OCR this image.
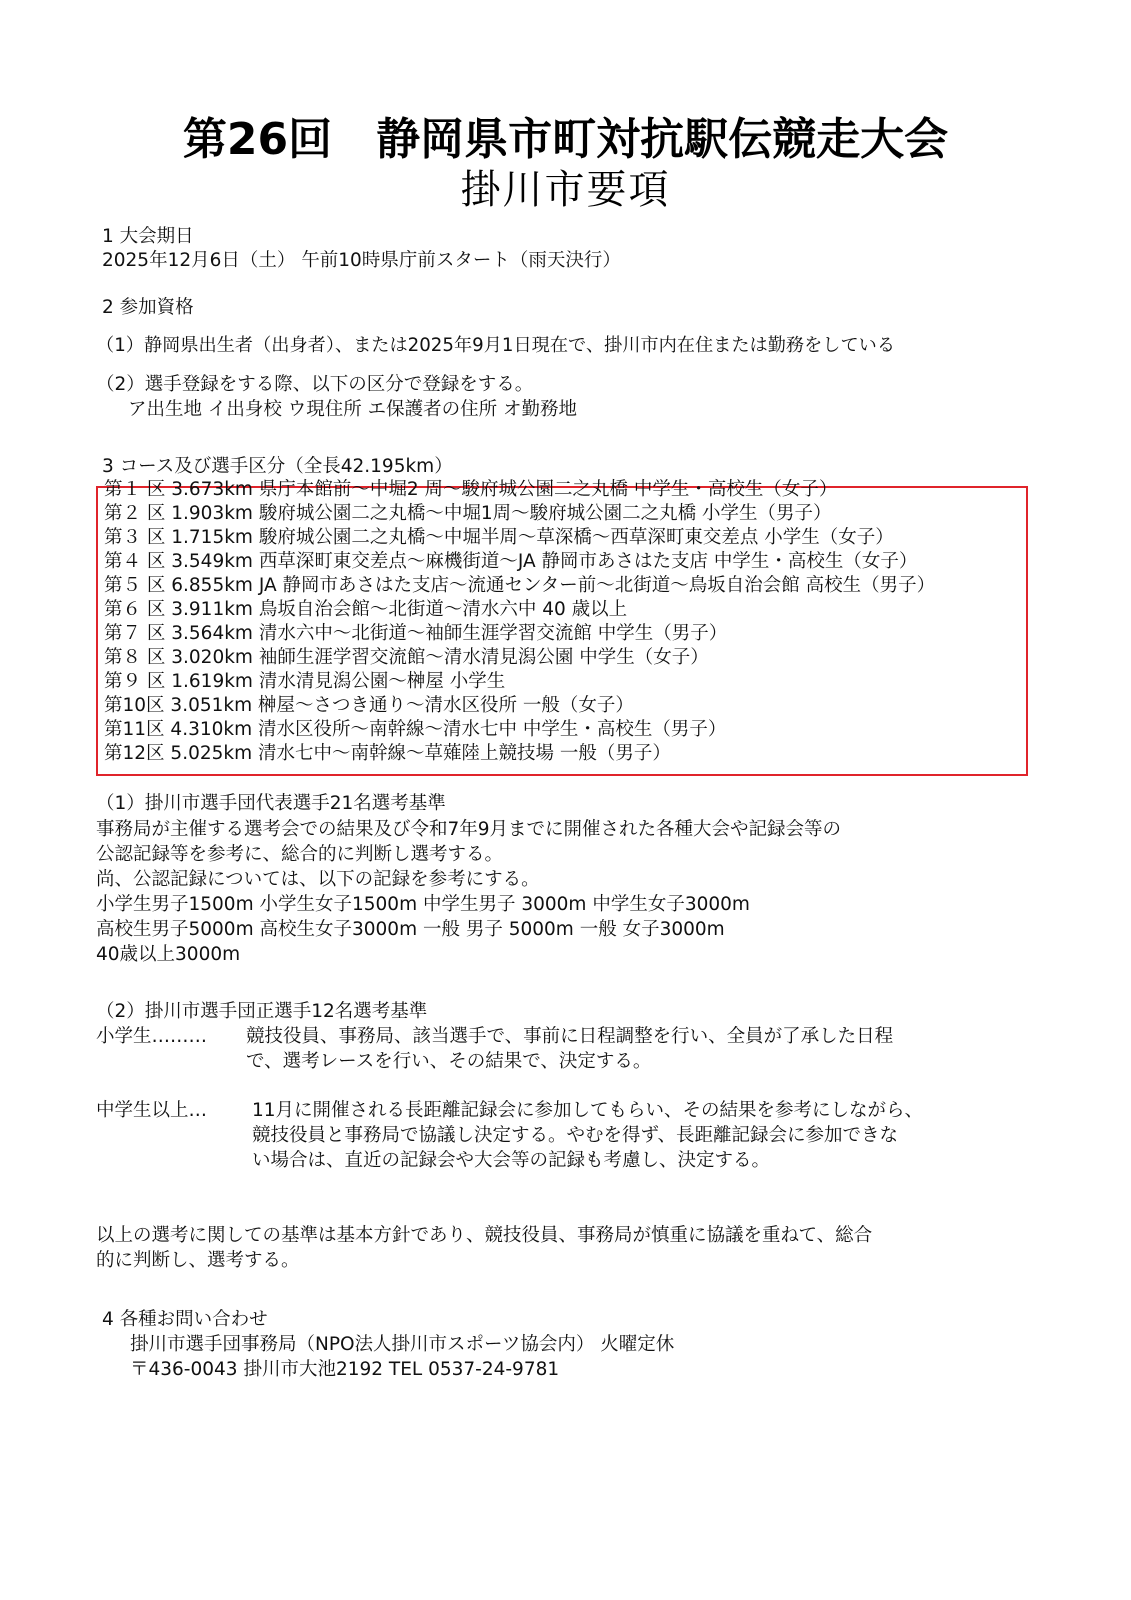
第26回　静岡県市町対抗駅伝競走大会
掛川市要項
1 大会期日
2025年12月6日（土） 午前10時県庁前スタート（雨天決行）
2 参加資格
（1）静岡県出生者（出身者）、または2025年9月1日現在で、掛川市内在住または勤務をしている
（2）選手登録をする際、以下の区分で登録をする。
ア出生地 イ出身校 ウ現住所 エ保護者の住所 オ勤務地
3 コース及び選手区分（全長42.195km）
第１ 区 3.673km 県庁本館前～中堀2 周～駿府城公園二之丸橋 中学生・高校生（女子）
第２ 区 1.903km 駿府城公園二之丸橋～中堀1周～駿府城公園二之丸橋 小学生（男子）
第３ 区 1.715km 駿府城公園二之丸橋～中堀半周～草深橋～西草深町東交差点 小学生（女子）
第４ 区 3.549km 西草深町東交差点～麻機街道～JA 静岡市あさはた支店 中学生・高校生（女子）
第５ 区 6.855km JA 静岡市あさはた支店～流通センター前～北街道～鳥坂自治会館 高校生（男子）
第６ 区 3.911km 鳥坂自治会館～北街道～清水六中 40 歳以上
第７ 区 3.564km 清水六中～北街道～袖師生涯学習交流館 中学生（男子）
第８ 区 3.020km 袖師生涯学習交流館～清水清見潟公園 中学生（女子）
第９ 区 1.619km 清水清見潟公園～榊屋 小学生
第10区 3.051km 榊屋～さつき通り～清水区役所 一般（女子）
第11区 4.310km 清水区役所～南幹線～清水七中 中学生・高校生（男子）
第12区 5.025km 清水七中～南幹線～草薙陸上競技場 一般（男子）
（1）掛川市選手団代表選手21名選考基準
事務局が主催する選考会での結果及び令和7年9月までに開催された各種大会や記録会等の
公認記録等を参考に、総合的に判断し選考する。
尚、公認記録については、以下の記録を参考にする。
小学生男子1500m 小学生女子1500m 中学生男子 3000m 中学生女子3000m
高校生男子5000m 高校生女子3000m 一般 男子 5000m 一般 女子3000m
40歳以上3000m
（2）掛川市選手団正選手12名選考基準
小学生……… 競技役員、事務局、該当選手で、事前に日程調整を行い、全員が了承した日程
で、選考レースを行い、その結果で、決定する。
中学生以上… 11月に開催される長距離記録会に参加してもらい、その結果を参考にしながら、
競技役員と事務局で協議し決定する。やむを得ず、長距離記録会に参加できな
い場合は、直近の記録会や大会等の記録も考慮し、決定する。
以上の選考に関しての基準は基本方針であり、競技役員、事務局が慎重に協議を重ねて、総合
的に判断し、選考する。
4 各種お問い合わせ
掛川市選手団事務局（NPO法人掛川市スポーツ協会内） 火曜定休
〒436-0043 掛川市大池2192 TEL 0537-24-9781
